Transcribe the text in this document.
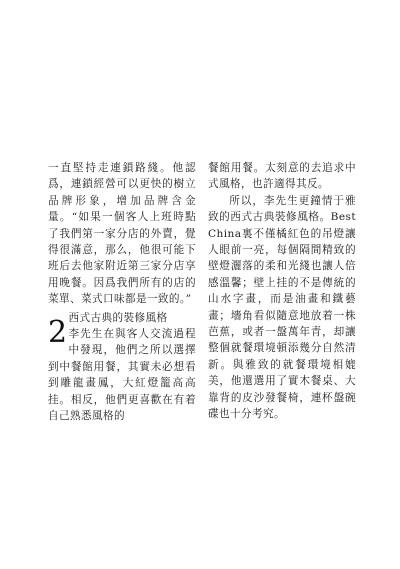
一直堅持走連鎖路綫。他認爲，連鎖經營可以更快的樹立品牌形象，增加品牌含金量。“如果一個客人上班時點了我們第一家分店的外賣，覺得很滿意，那么，他很可能下班后去他家附近第三家分店享用晚餐。因爲我們所有的店的菜單、菜式口味都是一致的。”

2 西式古典的裝修風格
李先生在與客人交流過程中發現，他們之所以選擇到中餐館用餐，其實未必想看到雕龍畫鳳，大紅燈籠高高挂。相反，他們更喜歡在有着自己熟悉風格的

餐館用餐。太刻意的去追求中式風格，也許適得其反。

所以，李先生更鐘情于雅致的西式古典裝修風格。Best China裏不僅橘紅色的吊燈讓人眼前一亮，每個隔間精致的壁燈灑落的柔和光綫也讓人倍感溫馨；壁上挂的不是傳統的山水字畫，而是油畫和鐵藝畫；墻角看似隨意地放着一株芭蕉，或者一盤萬年青，却讓整個就餐環境頓添幾分自然清新。與雅致的就餐環境相媲美，他還選用了實木餐桌、大靠背的皮沙發餐椅，連杯盤碗碟也十分考究。
